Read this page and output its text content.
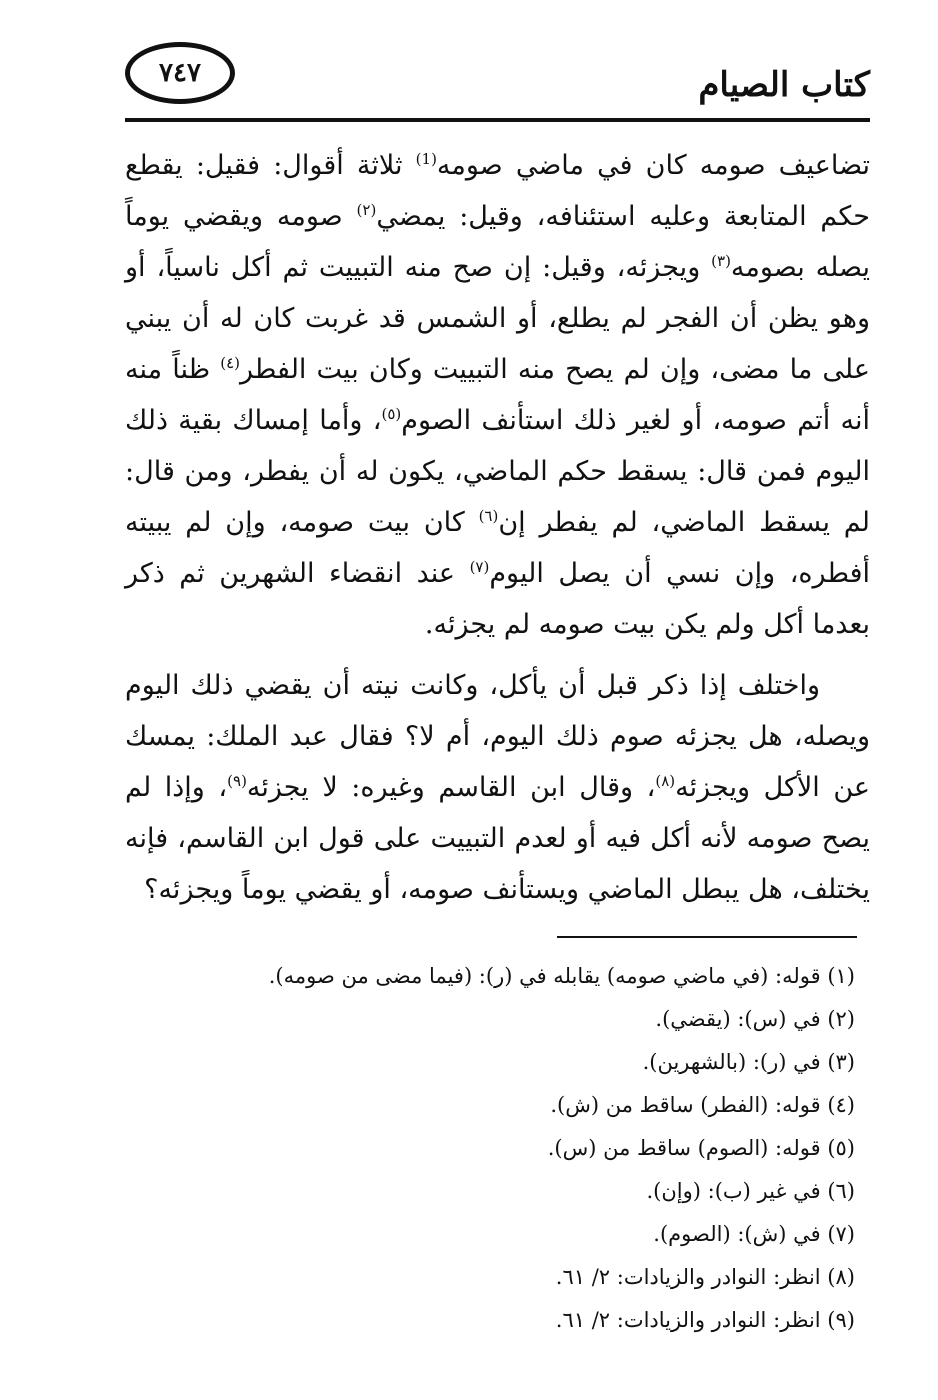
٧٤٧	كتاب الصيام

تضاعيف صومه كان في ماضي صومه$^{(1)}$ ثلاثة أقوال: فقيل: يقطع حكم المتابعة وعليه استئنافه، وقيل: يمضي$^{(٢)}$ صومه ويقضي يوماً يصله بصومه$^{(٣)}$ ويجزئه، وقيل: إن صح منه التبييت ثم أكل ناسياً، أو وهو يظن أن الفجر لم يطلع، أو الشمس قد غربت كان له أن يبني على ما مضى، وإن لم يصح منه التبييت وكان بيت الفطر$^{(٤)}$ ظناً منه أنه أتم صومه، أو لغير ذلك استأنف الصوم$^{(٥)}$، وأما إمساك بقية ذلك اليوم فمن قال: يسقط حكم الماضي، يكون له أن يفطر، ومن قال: لم يسقط الماضي، لم يفطر إن$^{(٦)}$ كان بيت صومه، وإن لم يبيته أفطره، وإن نسي أن يصل اليوم$^{(٧)}$ عند انقضاء الشهرين ثم ذكر بعدما أكل ولم يكن بيت صومه لم يجزئه.

واختلف إذا ذكر قبل أن يأكل، وكانت نيته أن يقضي ذلك اليوم ويصله، هل يجزئه صوم ذلك اليوم، أم لا؟ فقال عبد الملك: يمسك عن الأكل ويجزئه$^{(٨)}$، وقال ابن القاسم وغيره: لا يجزئه$^{(٩)}$، وإذا لم يصح صومه لأنه أكل فيه أو لعدم التبييت على قول ابن القاسم، فإنه يختلف، هل يبطل الماضي ويستأنف صومه، أو يقضي يوماً ويجزئه؟

(١) قوله: (في ماضي صومه) يقابله في (ر): (فيما مضى من صومه).
(٢) في (س): (يقضي).
(٣) في (ر): (بالشهرين).
(٤) قوله: (الفطر) ساقط من (ش).
(٥) قوله: (الصوم) ساقط من (س).
(٦) في غير (ب): (وإن).
(٧) في (ش): (الصوم).
(٨) انظر: النوادر والزيادات: ٢/ ٦١.
(٩) انظر: النوادر والزيادات: ٢/ ٦١.
